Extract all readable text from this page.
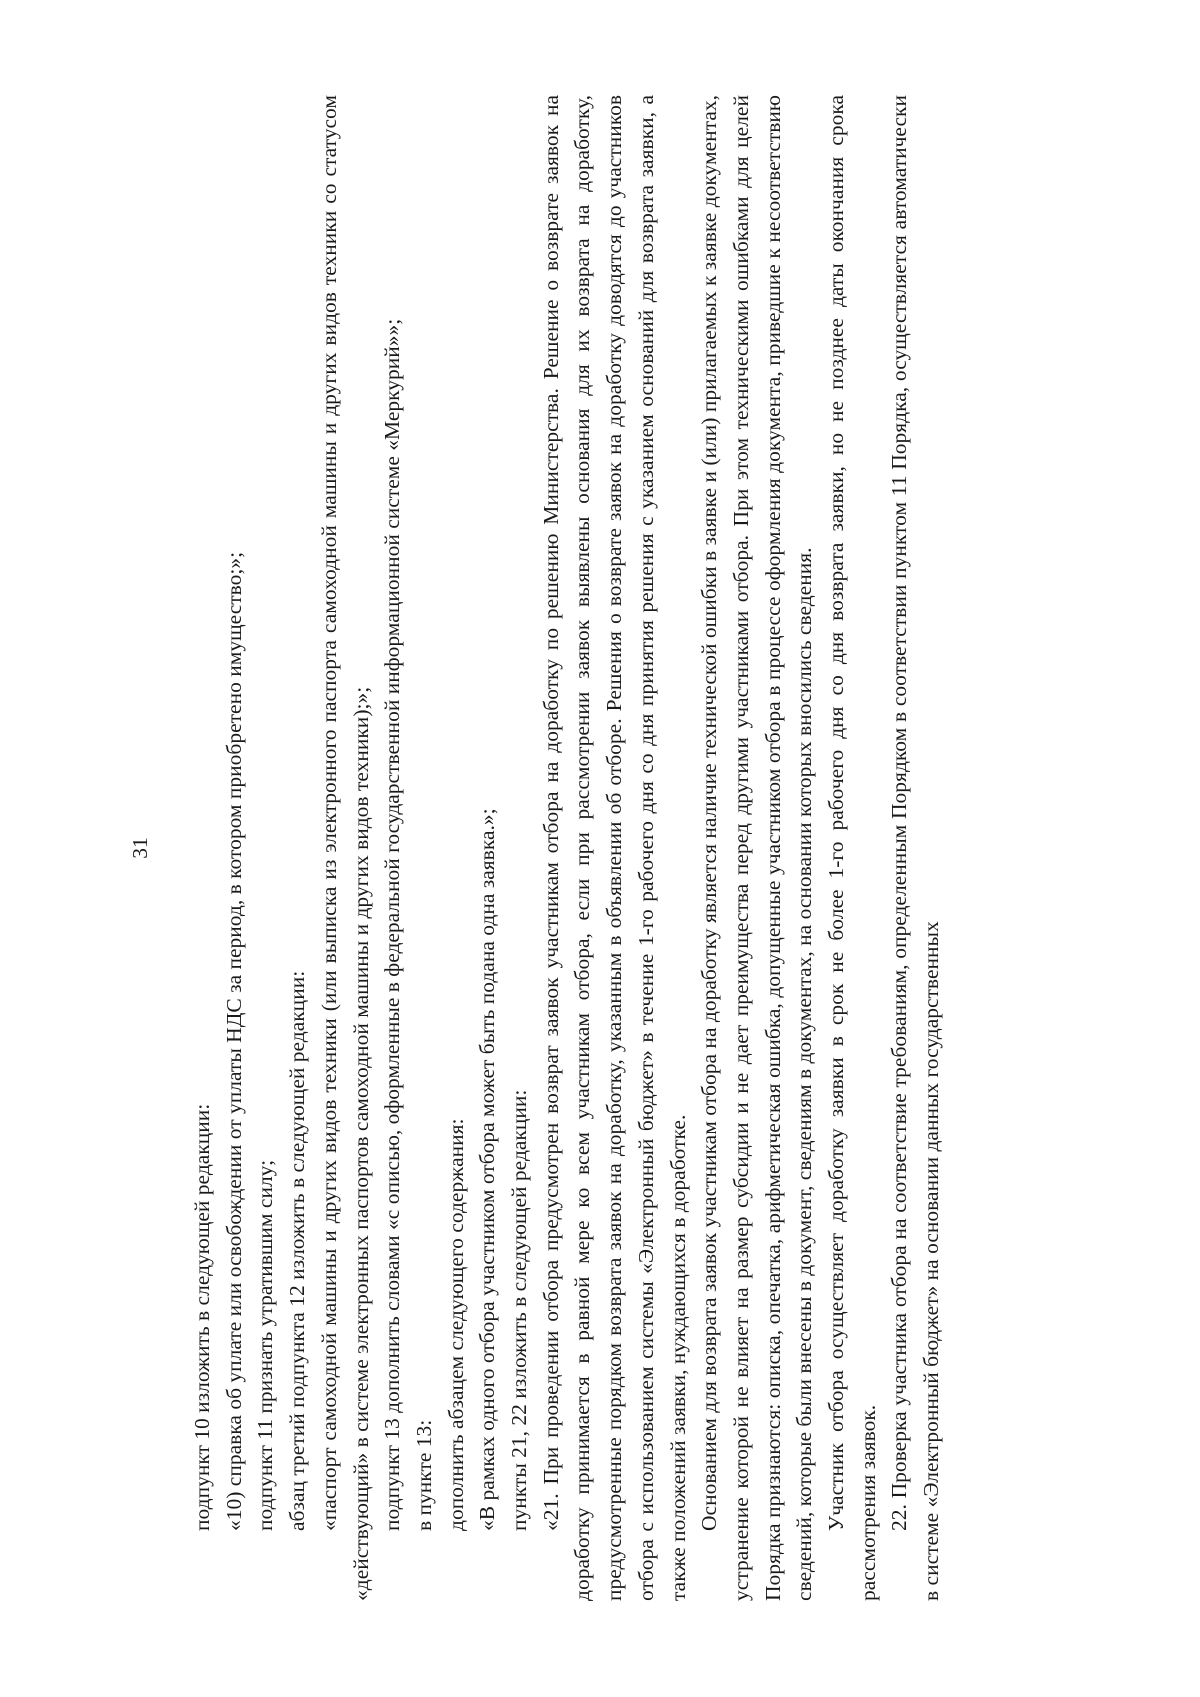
31

подпункт 10 изложить в следующей редакции: «10) справка об уплате или освобождении от уплаты НДС за период, в котором приобретено имущество;»; подпункт 11 признать утратившим силу; абзац третий подпункта 12 изложить в следующей редакции: «паспорт самоходной машины и других видов техники (или выписка из электронного паспорта самоходной машины и других видов техники со статусом «действующий» в системе электронных паспортов самоходной машины и других видов техники);»; подпункт 13 дополнить словами «с описью, оформленные в федеральной государственной информационной системе «Меркурий»»; в пункте 13: дополнить абзацем следующего содержания: «В рамках одного отбора участником отбора может быть подана одна заявка.»; пункты 21, 22 изложить в следующей редакции: «21. При проведении отбора предусмотрен возврат заявок участникам отбора на доработку по решению Министерства. Решение о возврате заявок на доработку принимается в равной мере ко всем участникам отбора, если при рассмотрении заявок выявлены основания для их возврата на доработку, предусмотренные порядком возврата заявок на доработку, указанным в объявлении об отборе. Решения о возврате заявок на доработку доводятся до участников отбора с использованием системы «Электронный бюджет» в течение 1-го рабочего дня со дня принятия решения с указанием оснований для возврата заявки, а также положений заявки, нуждающихся в доработке. Основанием для возврата заявок участникам отбора на доработку является наличие технической ошибки в заявке и (или) прилагаемых к заявке документах, устранение которой не влияет на размер субсидии и не дает преимущества перед другими участниками отбора. При этом техническими ошибками для целей Порядка признаются: описка, опечатка, арифметическая ошибка, допущенные участником отбора в процессе оформления документа, приведшие к несоответствию сведений, которые были внесены в документ, сведениям в документах, на основании которых вносились сведения. Участник отбора осуществляет доработку заявки в срок не более 1-го рабочего дня со дня возврата заявки, но не позднее даты окончания срока рассмотрения заявок. 22. Проверка участника отбора на соответствие требованиям, определенным Порядком в соответствии пунктом 11 Порядка, осуществляется автоматически в системе «Электронный бюджет» на основании данных государственных
